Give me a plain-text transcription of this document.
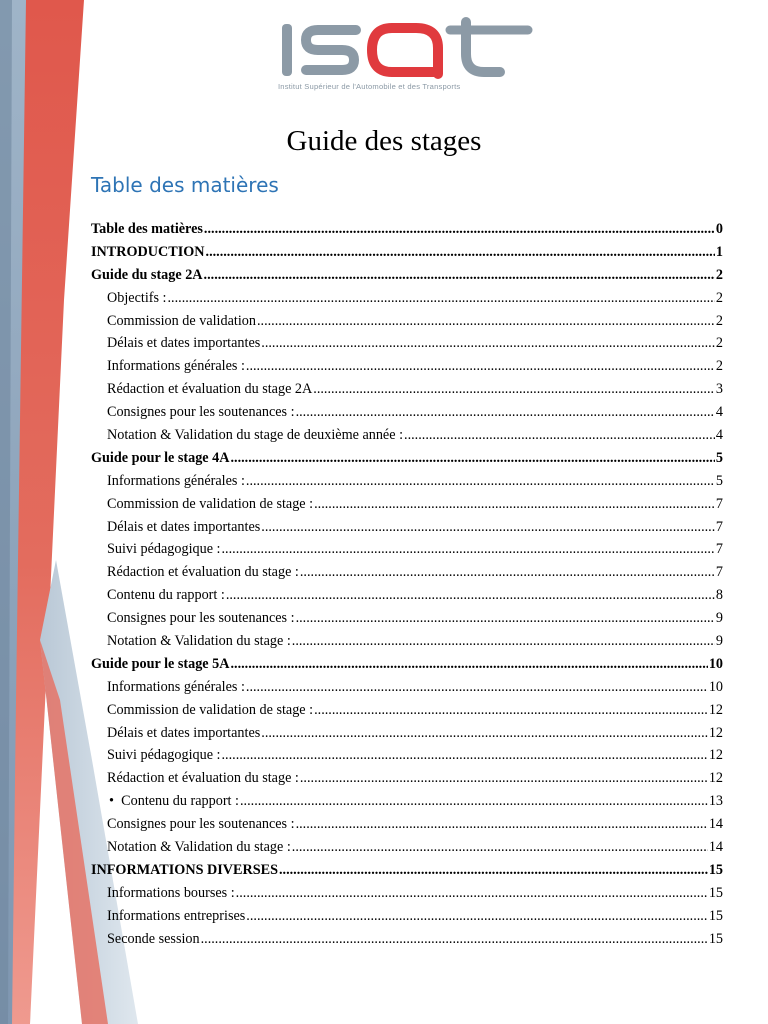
Institut Supérieur de l'Automobile et des Transports
Guide des stages
Table des matières
Table des matières .....	0
INTRODUCTION .....	1
Guide du stage 2A .....	2
Objectifs : .....	2
Commission de validation .....	2
Délais et dates importantes .....	2
Informations générales : .....	2
Rédaction et évaluation du stage 2A .....	3
Consignes pour les soutenances : .....	4
Notation & Validation du stage de deuxième année : .....	4
Guide pour le stage 4A .....	5
Informations générales : .....	5
Commission de validation de stage : .....	7
Délais et dates importantes .....	7
Suivi pédagogique : .....	7
Rédaction et évaluation du stage : .....	7
Contenu du rapport : .....	8
Consignes pour les soutenances : .....	9
Notation & Validation du stage : .....	9
Guide pour le stage 5A .....	10
Informations générales : .....	10
Commission de validation de stage : .....	12
Délais et dates importantes .....	12
Suivi pédagogique : .....	12
Rédaction et évaluation du stage : .....	12
• Contenu du rapport : .....	13
Consignes pour les soutenances : .....	14
Notation & Validation du stage : .....	14
INFORMATIONS DIVERSES .....	15
Informations bourses : .....	15
Informations entreprises .....	15
Seconde session .....	15
